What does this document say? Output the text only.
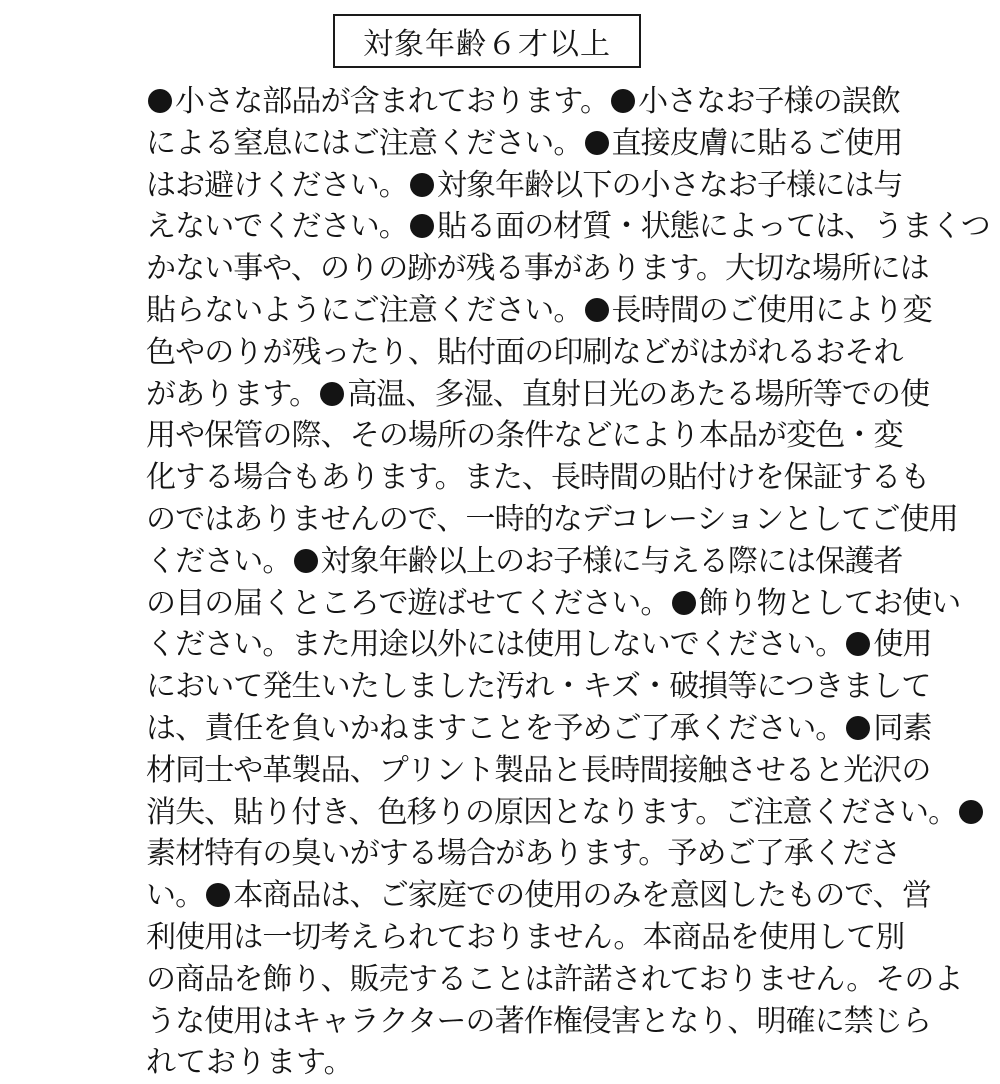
対象年齢６才以上
小さな部品が含まれております。 小さなお子様の誤飲
による窒息にはご注意ください。 直接皮膚に貼るご使用
はお避けください。 対象年齢以下の小さなお子様には与
えないでください。 貼る面の材質・状態によっては、うまくつ
かない事や、のりの跡が残る事があります。大切な場所には
貼らないようにご注意ください。 長時間のご使用により変
色やのりが残ったり、貼付面の印刷などがはがれるおそれ
があります。 高温、多湿、直射日光のあたる場所等での使
用や保管の際、その場所の条件などにより本品が変色・変
化する場合もあります。また、長時間の貼付けを保証するも
のではありませんので、一時的なデコレーションとしてご使用
ください。 対象年齢以上のお子様に与える際には保護者
の目の届くところで遊ばせてください。 飾り物としてお使い
ください。また用途以外には使用しないでください。 使用
において発生いたしました汚れ・キズ・破損等につきまして
は、責任を負いかねますことを予めご了承ください。 同素
材同士や革製品、プリント製品と長時間接触させると光沢の
消失、貼り付き、色移りの原因となります。ご注意ください。
素材特有の臭いがする場合があります。予めご了承くださ
い。 本商品は、ご家庭での使用のみを意図したもので、営
利使用は一切考えられておりません。本商品を使用して別
の商品を飾り、販売することは許諾されておりません。そのよ
うな使用はキャラクターの著作権侵害となり、明確に禁じら
れております。
